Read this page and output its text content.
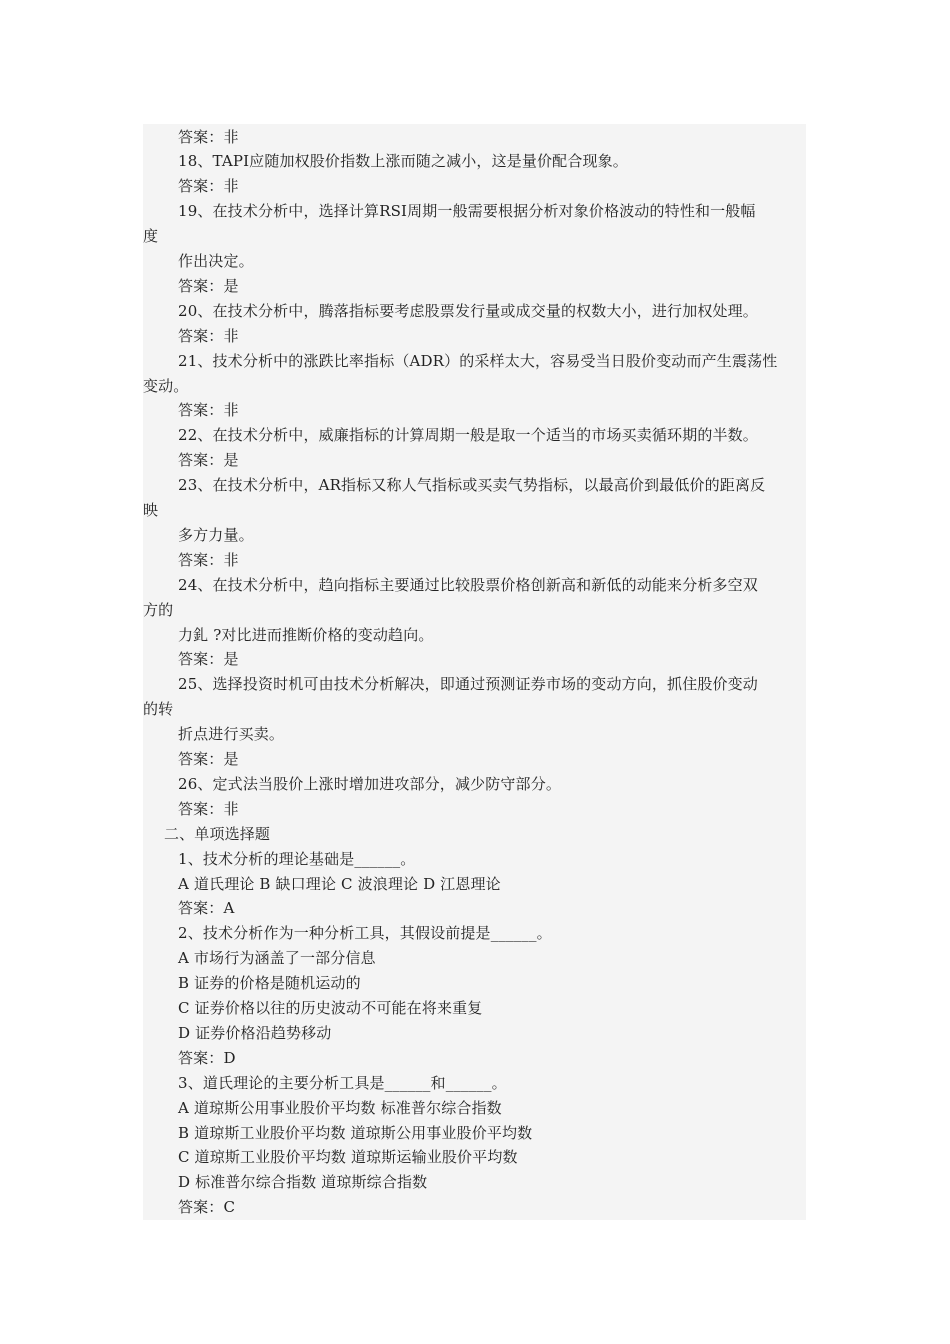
答案：非
18、TAPI应随加权股价指数上涨而随之减小，这是量价配合现象。
答案：非
19、在技术分析中，选择计算RSI周期一般需要根据分析对象价格波动的特性和一般幅
度
作出决定。
答案：是
20、在技术分析中，腾落指标要考虑股票发行量或成交量的权数大小，进行加权处理。
答案：非
21、技术分析中的涨跌比率指标（ADR）的采样太大，容易受当日股价变动而产生震荡性
变动。
答案：非
22、在技术分析中，威廉指标的计算周期一般是取一个适当的市场买卖循环期的半数。
答案：是
23、在技术分析中，AR指标又称人气指标或买卖气势指标，以最高价到最低价的距离反
映
多方力量。
答案：非
24、在技术分析中，趋向指标主要通过比较股票价格创新高和新低的动能来分析多空双
方的
力釓 ?对比进而推断价格的变动趋向。
答案：是
25、选择投资时机可由技术分析解决，即通过预测证券市场的变动方向，抓住股价变动
的转
折点进行买卖。
答案：是
26、定式法当股价上涨时增加进攻部分，减少防守部分。
答案：非
二、单项选择题
1、技术分析的理论基础是______。
A 道氏理论 B 缺口理论 C 波浪理论 D 江恩理论
答案：A
2、技术分析作为一种分析工具，其假设前提是______。
A 市场行为涵盖了一部分信息
B 证券的价格是随机运动的
C 证券价格以往的历史波动不可能在将来重复
D 证券价格沿趋势移动
答案：D
3、道氏理论的主要分析工具是______和______。
A 道琼斯公用事业股价平均数 标准普尔综合指数
B 道琼斯工业股价平均数 道琼斯公用事业股价平均数
C 道琼斯工业股价平均数 道琼斯运输业股价平均数
D 标准普尔综合指数 道琼斯综合指数
答案：C
